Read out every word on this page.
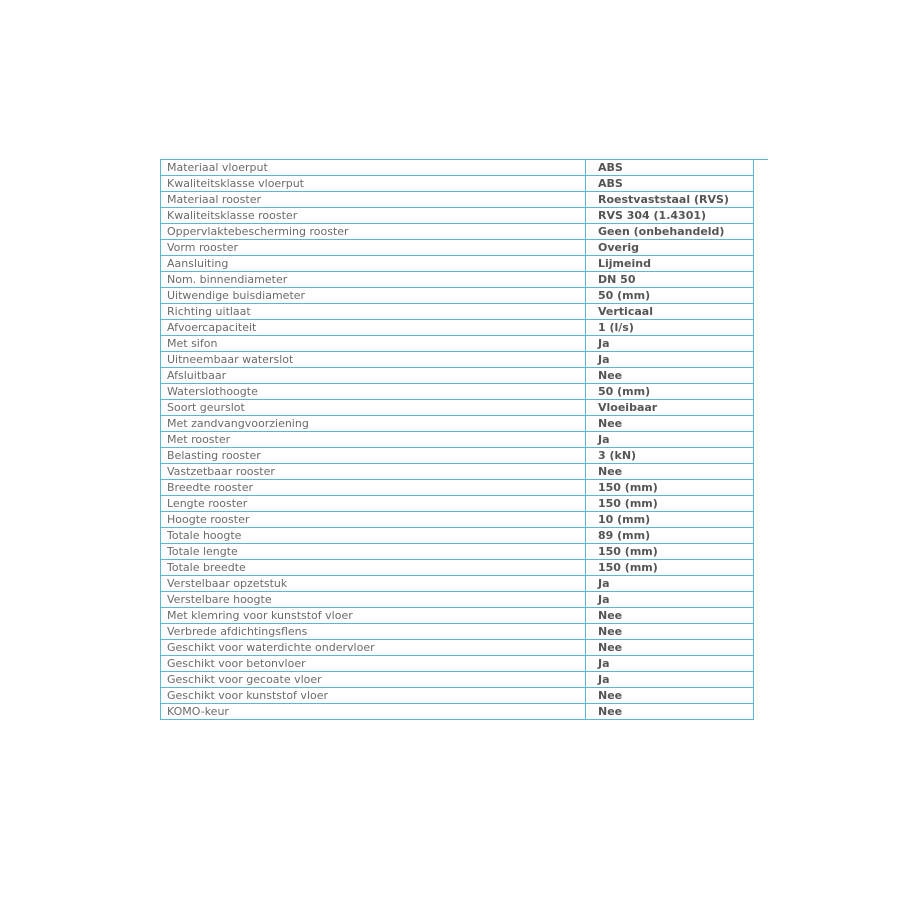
Materiaal vloerput	ABS
Kwaliteitsklasse vloerput	ABS
Materiaal rooster	Roestvaststaal (RVS)
Kwaliteitsklasse rooster	RVS 304 (1.4301)
Oppervlaktebescherming rooster	Geen (onbehandeld)
Vorm rooster	Overig
Aansluiting	Lijmeind
Nom. binnendiameter	DN 50
Uitwendige buisdiameter	50 (mm)
Richting uitlaat	Verticaal
Afvoercapaciteit	1 (l/s)
Met sifon	Ja
Uitneembaar waterslot	Ja
Afsluitbaar	Nee
Waterslothoogte	50 (mm)
Soort geurslot	Vloeibaar
Met zandvangvoorziening	Nee
Met rooster	Ja
Belasting rooster	3 (kN)
Vastzetbaar rooster	Nee
Breedte rooster	150 (mm)
Lengte rooster	150 (mm)
Hoogte rooster	10 (mm)
Totale hoogte	89 (mm)
Totale lengte	150 (mm)
Totale breedte	150 (mm)
Verstelbaar opzetstuk	Ja
Verstelbare hoogte	Ja
Met klemring voor kunststof vloer	Nee
Verbrede afdichtingsflens	Nee
Geschikt voor waterdichte ondervloer	Nee
Geschikt voor betonvloer	Ja
Geschikt voor gecoate vloer	Ja
Geschikt voor kunststof vloer	Nee
KOMO-keur	Nee
